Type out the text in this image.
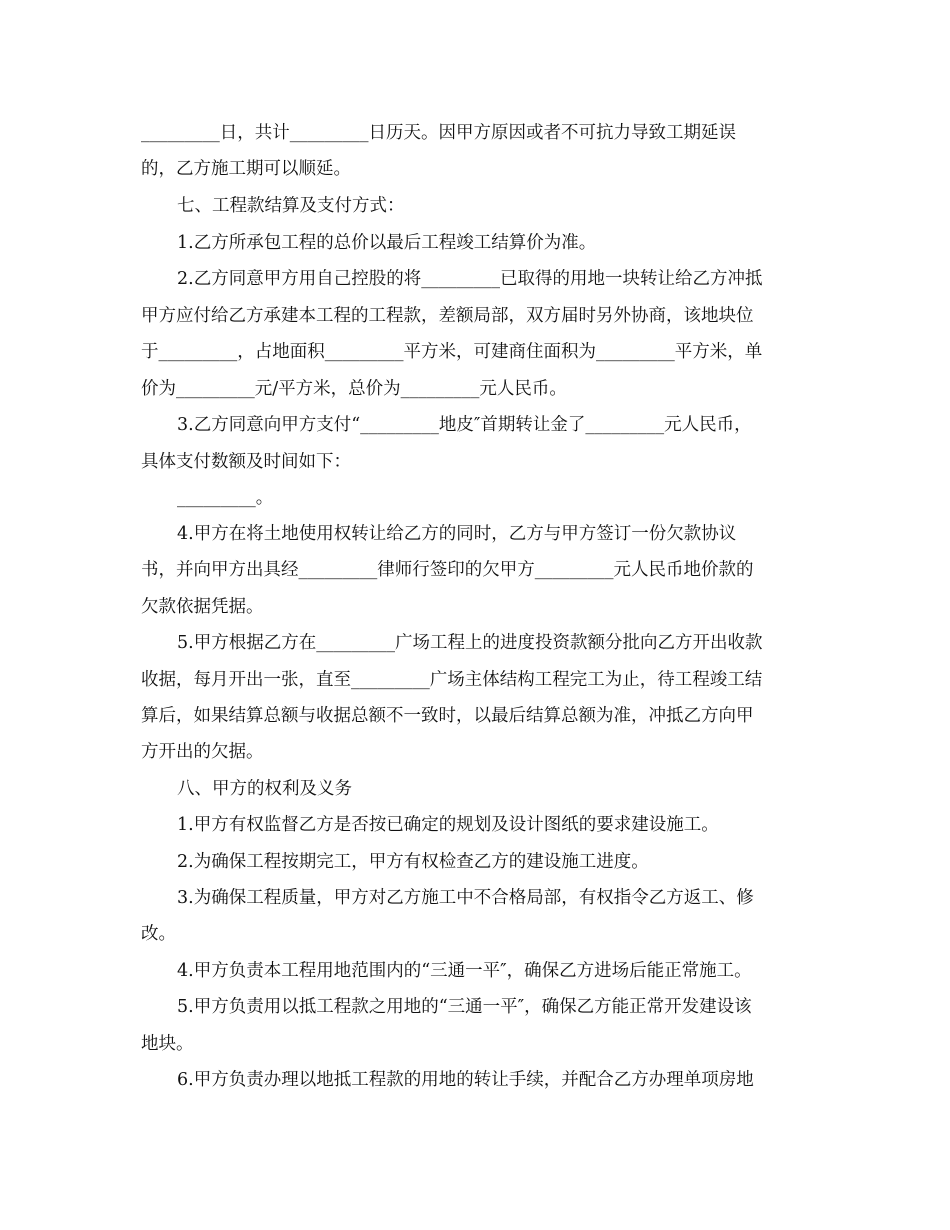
_________日，共计_________日历天。因甲方原因或者不可抗力导致工期延误
的，乙方施工期可以顺延。
七、工程款结算及支付方式：
1.乙方所承包工程的总价以最后工程竣工结算价为准。
2.乙方同意甲方用自己控股的将_________已取得的用地一块转让给乙方冲抵
甲方应付给乙方承建本工程的工程款，差额局部，双方届时另外协商，该地块位
于_________，占地面积_________平方米，可建商住面积为_________平方米，单
价为_________元/平方米，总价为_________元人民币。
3.乙方同意向甲方支付“_________地皮″首期转让金了_________元人民币，
具体支付数额及时间如下：
_________。
4.甲方在将土地使用权转让给乙方的同时，乙方与甲方签订一份欠款协议
书，并向甲方出具经_________律师行签印的欠甲方_________元人民币地价款的
欠款依据凭据。
5.甲方根据乙方在_________广场工程上的进度投资款额分批向乙方开出收款
收据，每月开出一张，直至_________广场主体结构工程完工为止，待工程竣工结
算后，如果结算总额与收据总额不一致时，以最后结算总额为准，冲抵乙方向甲
方开出的欠据。
八、甲方的权利及义务
1.甲方有权监督乙方是否按已确定的规划及设计图纸的要求建设施工。
2.为确保工程按期完工，甲方有权检查乙方的建设施工进度。
3.为确保工程质量，甲方对乙方施工中不合格局部，有权指令乙方返工、修
改。
4.甲方负责本工程用地范围内的“三通一平″，确保乙方进场后能正常施工。
5.甲方负责用以抵工程款之用地的“三通一平″，确保乙方能正常开发建设该
地块。
6.甲方负责办理以地抵工程款的用地的转让手续，并配合乙方办理单项房地
